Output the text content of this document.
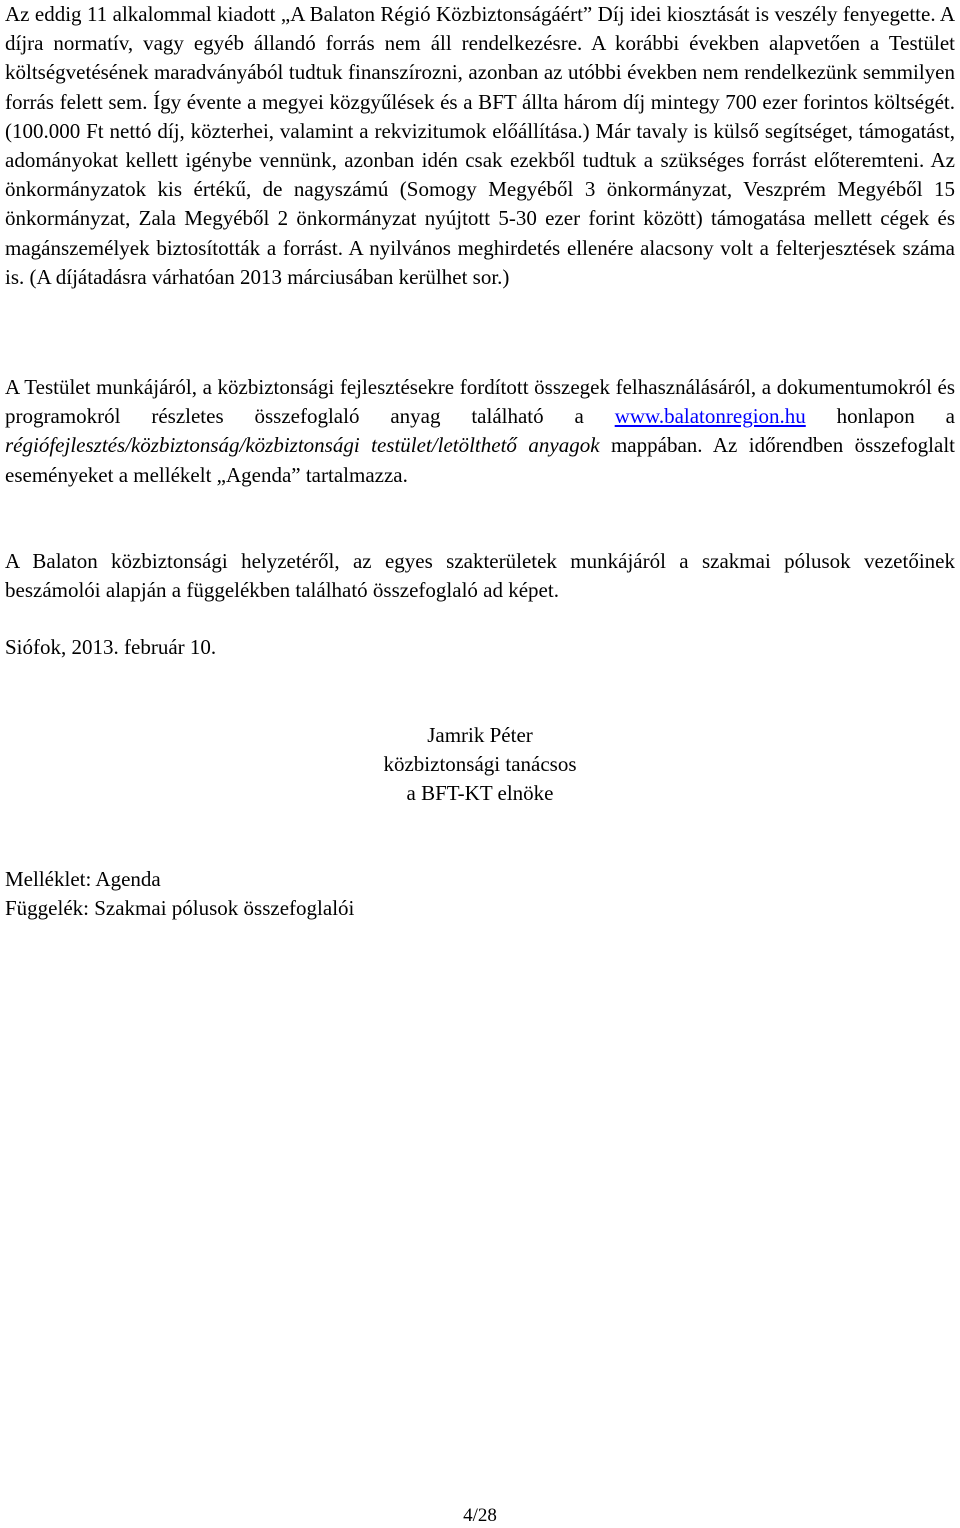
Az eddig 11 alkalommal kiadott „A Balaton Régió Közbiztonságáért” Díj idei kiosztását is veszély fenyegette. A díjra normatív, vagy egyéb állandó forrás nem áll rendelkezésre. A korábbi években alapvetően a Testület költségvetésének maradványából tudtuk finanszírozni, azonban az utóbbi években nem rendelkezünk semmilyen forrás felett sem. Így évente a megyei közgyűlések és a BFT állta három díj mintegy 700 ezer forintos költségét. (100.000 Ft nettó díj, közterhei, valamint a rekvizitumok előállítása.) Már tavaly is külső segítséget, támogatást, adományokat kellett igénybe vennünk, azonban idén csak ezekből tudtuk a szükséges forrást előteremteni. Az önkormányzatok kis értékű, de nagyszámú (Somogy Megyéből 3 önkormányzat, Veszprém Megyéből 15 önkormányzat, Zala Megyéből 2 önkormányzat nyújtott 5-30 ezer forint között) támogatása mellett cégek és magánszemélyek biztosították a forrást. A nyilvános meghirdetés ellenére alacsony volt a felterjesztések száma is. (A díjátadásra várhatóan 2013 márciusában kerülhet sor.)

A Testület munkájáról, a közbiztonsági fejlesztésekre fordított összegek felhasználásáról, a dokumentumokról és programokról részletes összefoglaló anyag található a www.balatonregion.hu honlapon a régiófejlesztés/közbiztonság/közbiztonsági testület/letölthető anyagok mappában. Az időrendben összefoglalt eseményeket a mellékelt „Agenda” tartalmazza.

A Balaton közbiztonsági helyzetéről, az egyes szakterületek munkájáról a szakmai pólusok vezetőinek beszámolói alapján a függelékben található összefoglaló ad képet.

Siófok, 2013. február 10.

Jamrik Péter
közbiztonsági tanácsos
a BFT-KT elnöke
Melléklet: Agenda
Függelék: Szakmai pólusok összefoglalói
4/28
